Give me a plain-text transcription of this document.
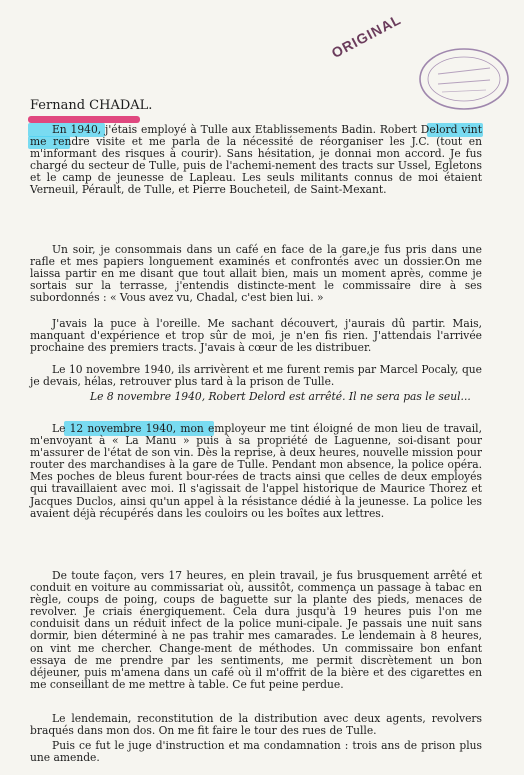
ORIGINAL
Fernand CHADAL.

En 1940, j'étais employé à Tulle aux Etablissements Badin. Robert Delord vint me rendre visite et me parla de la nécessité de réorganiser les J.C. (tout en m'informant des risques à courir). Sans hésitation, je donnai mon accord. Je fus chargé du secteur de Tulle, puis de l'achemi-nement des tracts sur Ussel, Egletons et le camp de jeunesse de Lapleau. Les seuls militants connus de moi étaient Verneuil, Pérault, de Tulle, et Pierre Boucheteil, de Saint-Mexant.

Un soir, je consommais dans un café en face de la gare,je fus pris dans une rafle et mes papiers longuement examinés et confrontés avec un dossier.On me laissa partir en me disant que tout allait bien, mais un moment après, comme je sortais sur la terrasse, j'entendis distincte-ment le commissaire dire à ses subordonnés : « Vous avez vu, Chadal, c'est bien lui. »

J'avais la puce à l'oreille. Me sachant découvert, j'aurais dû partir. Mais, manquant d'expérience et trop sûr de moi, je n'en fis rien. J'attendais l'arrivée prochaine des premiers tracts. J'avais à cœur de les distribuer.

Le 10 novembre 1940, ils arrivèrent et me furent remis par Marcel Pocaly, que je devais, hélas, retrouver plus tard à la prison de Tulle.

Le 8 novembre 1940, Robert Delord est arrêté. Il ne sera pas le seul...

Le 12 novembre 1940, mon employeur me tint éloigné de mon lieu de travail, m'envoyant à « La Manu » puis à sa propriété de Laguenne, soi-disant pour m'assurer de l'état de son vin. Dès la reprise, à deux heures, nouvelle mission pour router des marchandises à la gare de Tulle. Pendant mon absence, la police opéra. Mes poches de bleus furent bour-rées de tracts ainsi que celles de deux employés qui travaillaient avec moi. Il s'agissait de l'appel historique de Maurice Thorez et Jacques Duclos, ainsi qu'un appel à la résistance dédié à la jeunesse. La police les avaient déjà récupérés dans les couloirs ou les boîtes aux lettres.

De toute façon, vers 17 heures, en plein travail, je fus brusquement arrêté et conduit en voiture au commissariat où, aussitôt, commença un passage à tabac en règle, coups de poing, coups de baguette sur la plante des pieds, menaces de revolver. Je criais énergiquement. Cela dura jusqu'à 19 heures puis l'on me conduisit dans un réduit infect de la police muni-cipale. Je passais une nuit sans dormir, bien déterminé à ne pas trahir mes camarades. Le lendemain à 8 heures, on vint me chercher. Change-ment de méthodes. Un commissaire bon enfant essaya de me prendre par les sentiments, me permit discrètement un bon déjeuner, puis m'amena dans un café où il m'offrit de la bière et des cigarettes en me conseillant de me mettre à table. Ce fut peine perdue.

Le lendemain, reconstitution de la distribution avec deux agents, revolvers braqués dans mon dos. On me fit faire le tour des rues de Tulle.

Puis ce fut le juge d'instruction et ma condamnation : trois ans de prison plus une amende.
